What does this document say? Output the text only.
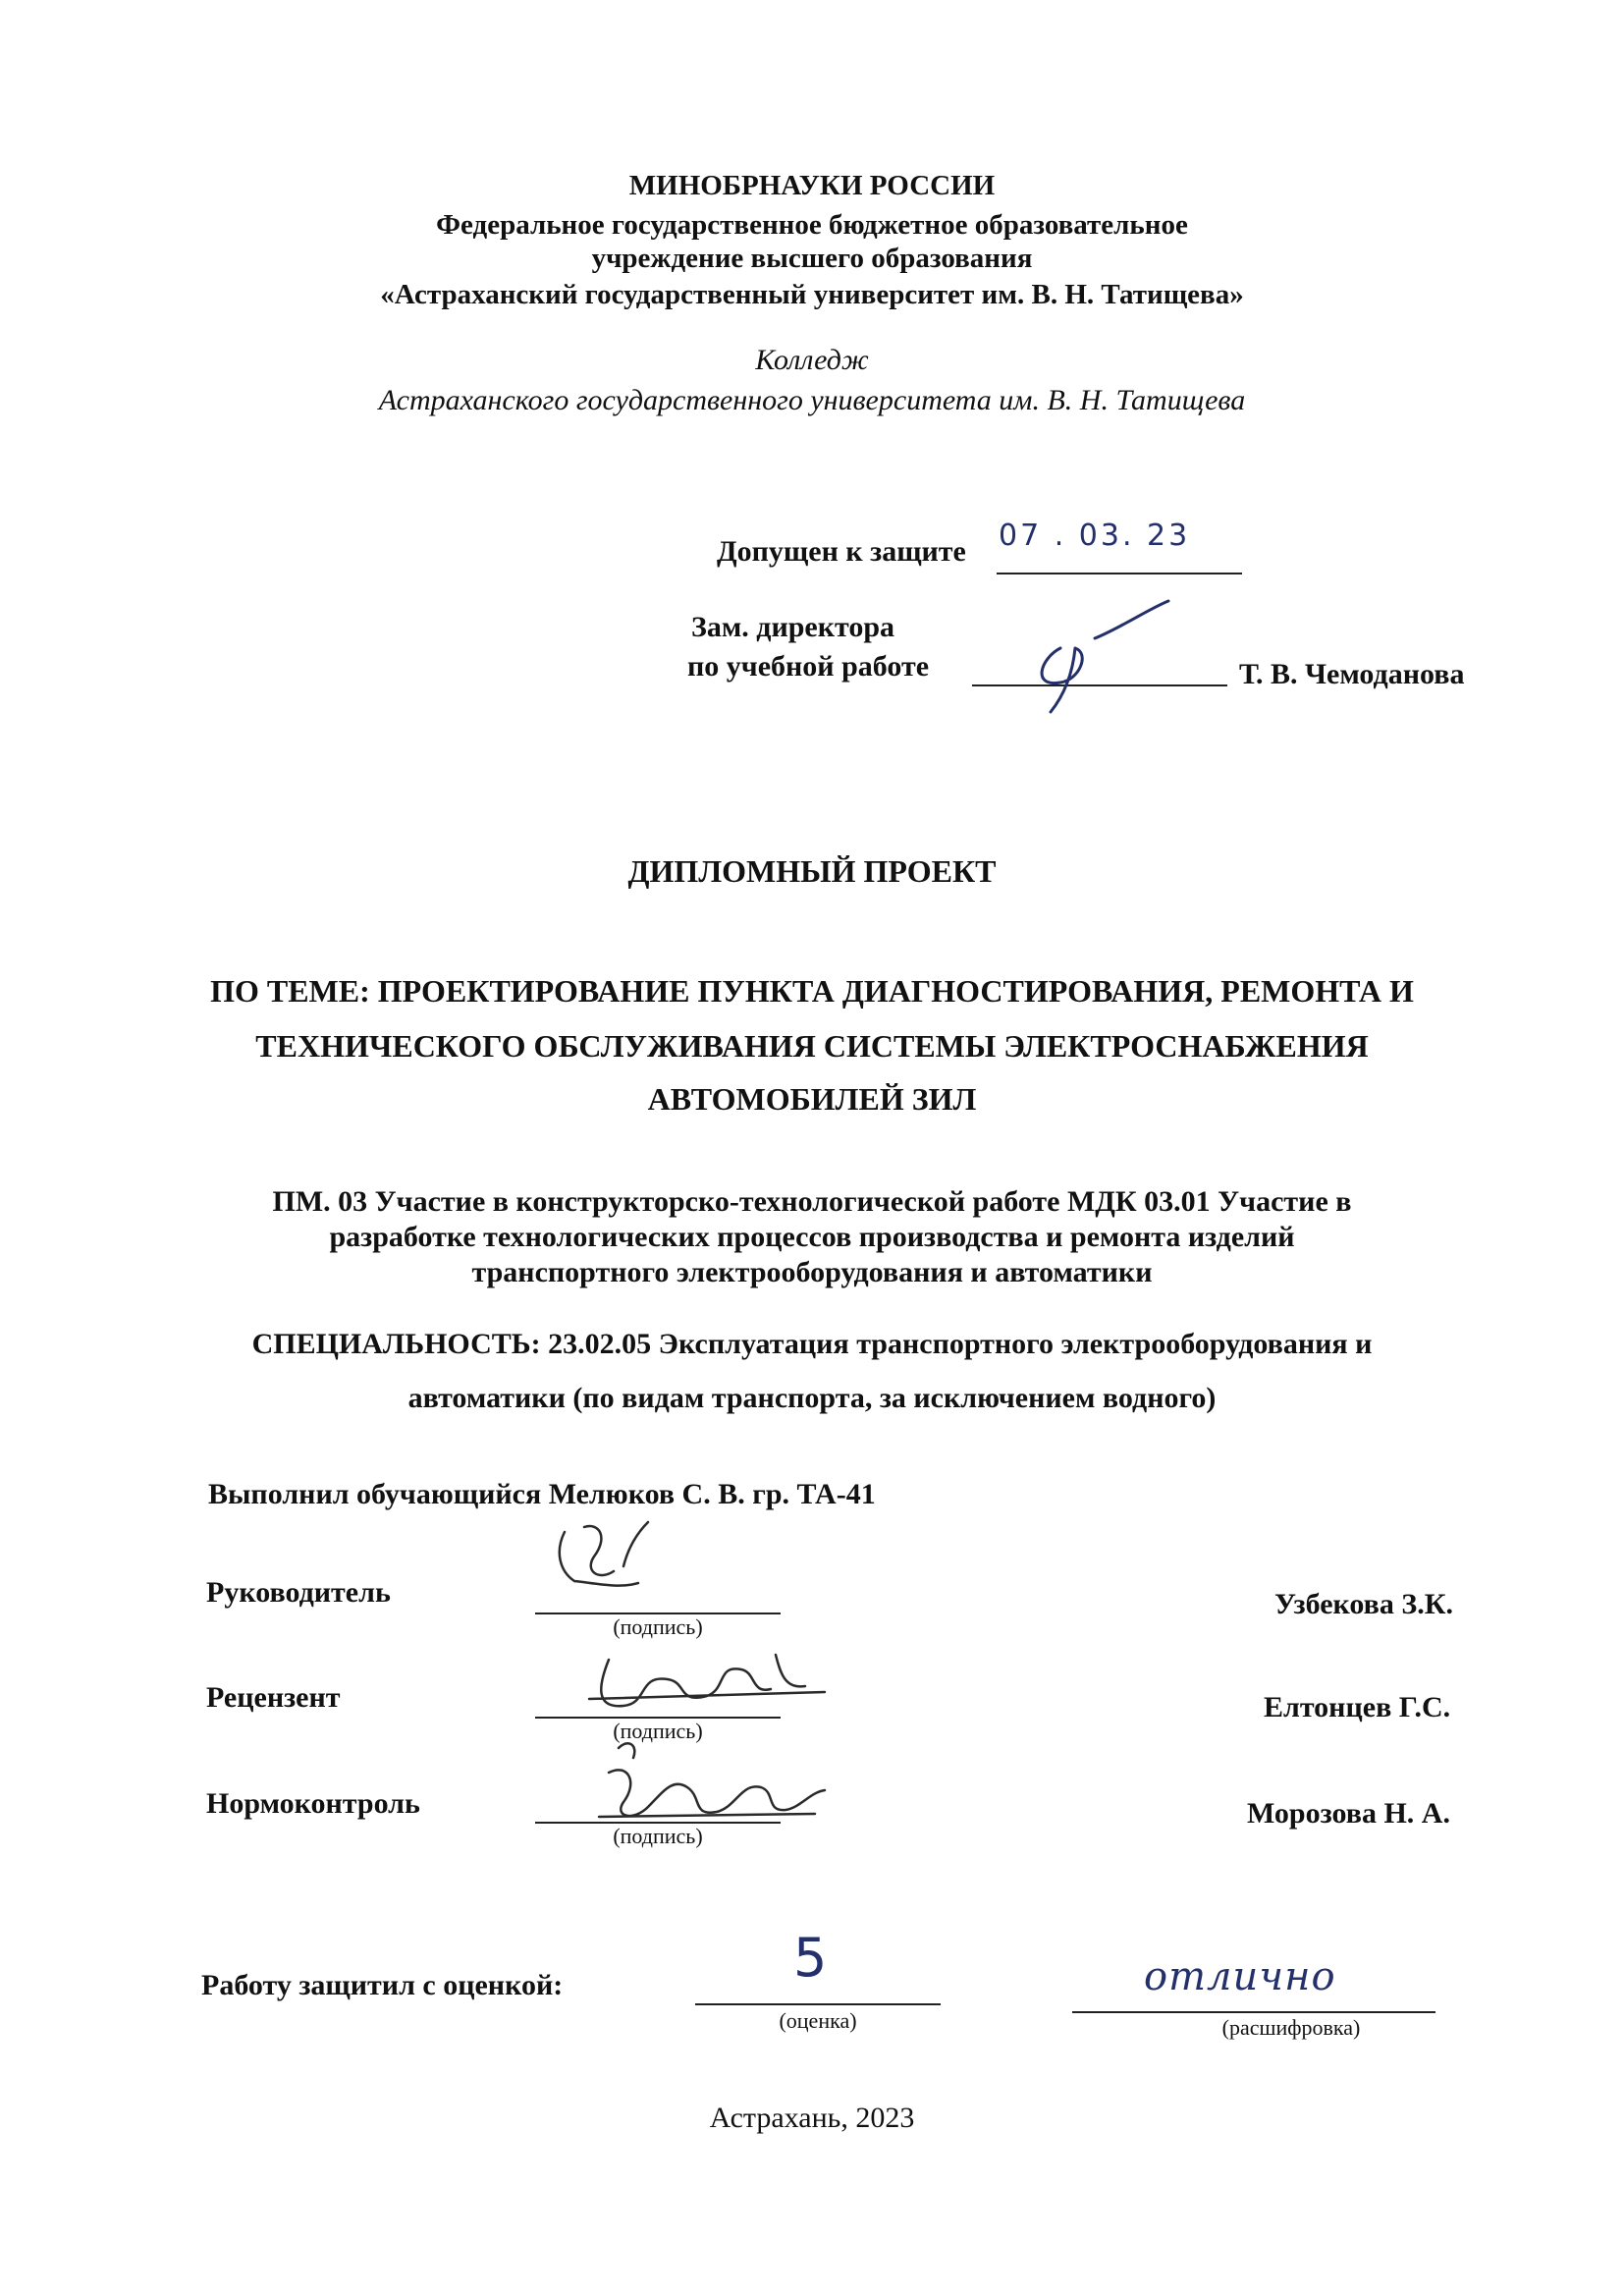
МИНОБРНАУКИ РОССИИ
Федеральное государственное бюджетное образовательное
учреждение высшего образования
«Астраханский государственный университет им. В. Н. Татищева»
Колледж
Астраханского государственного университета им. В. Н. Татищева
Допущен к защите 07 . 03. 23
Зам. директора
по учебной работе	Т. В. Чемоданова
ДИПЛОМНЫЙ ПРОЕКТ
ПО ТЕМЕ: ПРОЕКТИРОВАНИЕ ПУНКТА ДИАГНОСТИРОВАНИЯ, РЕМОНТА И
ТЕХНИЧЕСКОГО ОБСЛУЖИВАНИЯ СИСТЕМЫ ЭЛЕКТРОСНАБЖЕНИЯ
АВТОМОБИЛЕЙ ЗИЛ
ПМ. 03 Участие в конструкторско-технологической работе МДК 03.01 Участие в
разработке технологических процессов производства и ремонта изделий
транспортного электрооборудования и автоматики
СПЕЦИАЛЬНОСТЬ: 23.02.05 Эксплуатация транспортного электрооборудования и
автоматики (по видам транспорта, за исключением водного)
Выполнил обучающийся Мелюков С. В. гр. ТА-41
Руководитель
(подпись)
Узбекова З.К.
Рецензент
(подпись)
Елтонцев Г.С.
Нормоконтроль
(подпись)
Морозова Н. А.
Работу защитил с оценкой:	5
(оценка)
отлично
(расшифровка)
Астрахань, 2023
